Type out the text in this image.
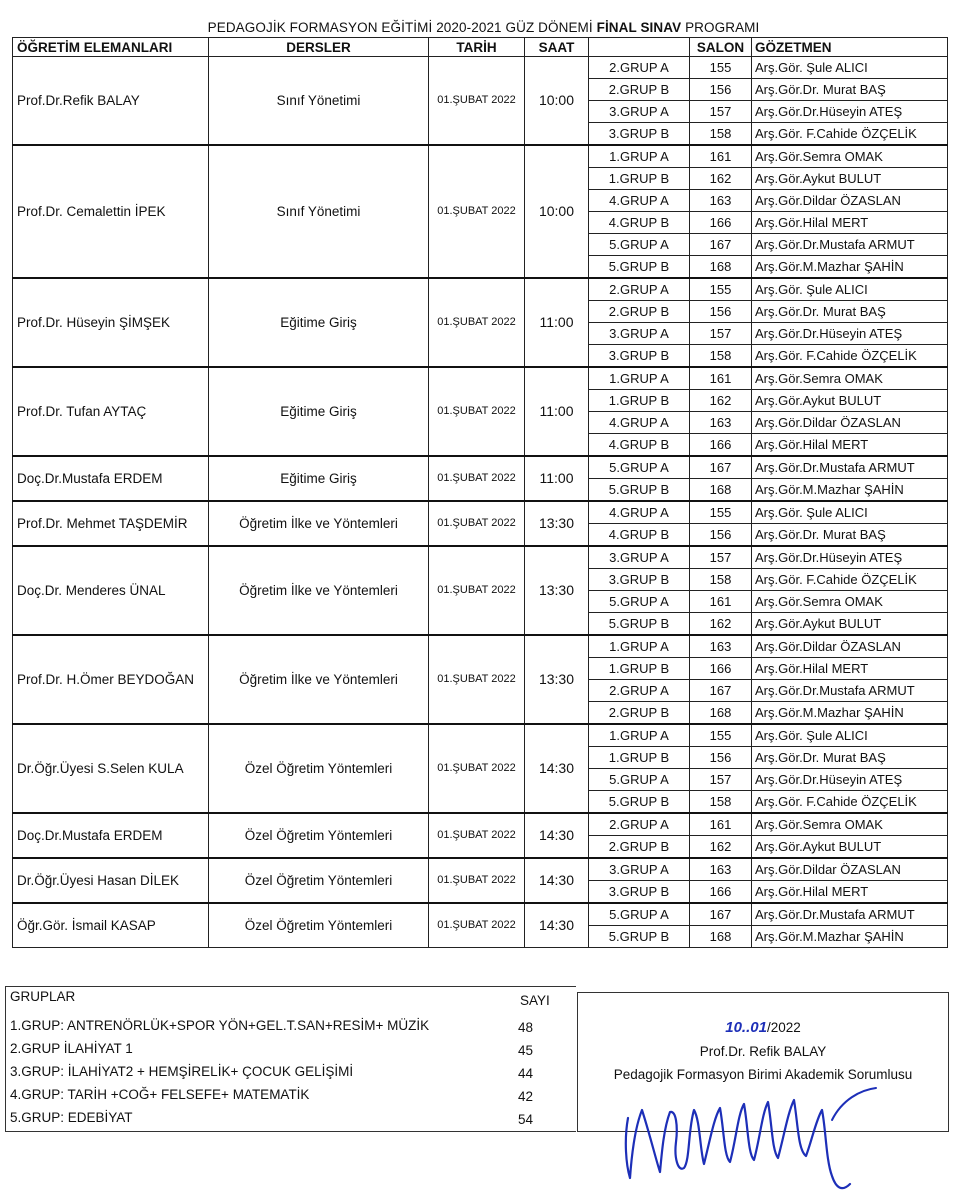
PEDAGOJİK FORMASYON EĞİTİMİ 2020-2021 GÜZ DÖNEMİ FİNAL SINAV PROGRAMI
ÖĞRETİM ELEMANLARI	DERSLER	TARİH	SAAT		SALON	GÖZETMEN
Prof.Dr.Refik BALAY	Sınıf Yönetimi	01.ŞUBAT 2022	10:00	2.GRUP A	155	Arş.Gör. Şule ALICI
				2.GRUP B	156	Arş.Gör.Dr. Murat BAŞ
				3.GRUP A	157	Arş.Gör.Dr.Hüseyin ATEŞ
				3.GRUP B	158	Arş.Gör. F.Cahide ÖZÇELİK
Prof.Dr. Cemalettin İPEK	Sınıf Yönetimi	01.ŞUBAT 2022	10:00	1.GRUP A	161	Arş.Gör.Semra OMAK
				1.GRUP B	162	Arş.Gör.Aykut BULUT
				4.GRUP A	163	Arş.Gör.Dildar ÖZASLAN
				4.GRUP B	166	Arş.Gör.Hilal MERT
				5.GRUP A	167	Arş.Gör.Dr.Mustafa ARMUT
				5.GRUP B	168	Arş.Gör.M.Mazhar ŞAHİN
Prof.Dr. Hüseyin ŞİMŞEK	Eğitime Giriş	01.ŞUBAT 2022	11:00	2.GRUP A	155	Arş.Gör. Şule ALICI
				2.GRUP B	156	Arş.Gör.Dr. Murat BAŞ
				3.GRUP A	157	Arş.Gör.Dr.Hüseyin ATEŞ
				3.GRUP B	158	Arş.Gör. F.Cahide ÖZÇELİK
Prof.Dr. Tufan AYTAÇ	Eğitime Giriş	01.ŞUBAT 2022	11:00	1.GRUP A	161	Arş.Gör.Semra OMAK
				1.GRUP B	162	Arş.Gör.Aykut BULUT
				4.GRUP A	163	Arş.Gör.Dildar ÖZASLAN
				4.GRUP B	166	Arş.Gör.Hilal MERT
Doç.Dr.Mustafa ERDEM	Eğitime Giriş	01.ŞUBAT 2022	11:00	5.GRUP A	167	Arş.Gör.Dr.Mustafa ARMUT
				5.GRUP B	168	Arş.Gör.M.Mazhar ŞAHİN
Prof.Dr. Mehmet TAŞDEMİR	Öğretim İlke ve Yöntemleri	01.ŞUBAT 2022	13:30	4.GRUP A	155	Arş.Gör. Şule ALICI
				4.GRUP B	156	Arş.Gör.Dr. Murat BAŞ
Doç.Dr. Menderes ÜNAL	Öğretim İlke ve Yöntemleri	01.ŞUBAT 2022	13:30	3.GRUP A	157	Arş.Gör.Dr.Hüseyin ATEŞ
				3.GRUP B	158	Arş.Gör. F.Cahide ÖZÇELİK
				5.GRUP A	161	Arş.Gör.Semra OMAK
				5.GRUP B	162	Arş.Gör.Aykut BULUT
Prof.Dr. H.Ömer BEYDOĞAN	Öğretim İlke ve Yöntemleri	01.ŞUBAT 2022	13:30	1.GRUP A	163	Arş.Gör.Dildar ÖZASLAN
				1.GRUP B	166	Arş.Gör.Hilal MERT
				2.GRUP A	167	Arş.Gör.Dr.Mustafa ARMUT
				2.GRUP B	168	Arş.Gör.M.Mazhar ŞAHİN
Dr.Öğr.Üyesi S.Selen KULA	Özel Öğretim Yöntemleri	01.ŞUBAT 2022	14:30	1.GRUP A	155	Arş.Gör. Şule ALICI
				1.GRUP B	156	Arş.Gör.Dr. Murat BAŞ
				5.GRUP A	157	Arş.Gör.Dr.Hüseyin ATEŞ
				5.GRUP B	158	Arş.Gör. F.Cahide ÖZÇELİK
Doç.Dr.Mustafa ERDEM	Özel Öğretim Yöntemleri	01.ŞUBAT 2022	14:30	2.GRUP A	161	Arş.Gör.Semra OMAK
				2.GRUP B	162	Arş.Gör.Aykut BULUT
Dr.Öğr.Üyesi Hasan DİLEK	Özel Öğretim Yöntemleri	01.ŞUBAT 2022	14:30	3.GRUP A	163	Arş.Gör.Dildar ÖZASLAN
				3.GRUP B	166	Arş.Gör.Hilal MERT
Öğr.Gör. İsmail KASAP	Özel Öğretim Yöntemleri	01.ŞUBAT 2022	14:30	5.GRUP A	167	Arş.Gör.Dr.Mustafa ARMUT
				5.GRUP B	168	Arş.Gör.M.Mazhar ŞAHİN
GRUPLAR	SAYI
1.GRUP: ANTRENÖRLÜK+SPOR YÖN+GEL.T.SAN+RESİM+ MÜZİK	48
2.GRUP İLAHİYAT 1	45
3.GRUP: İLAHİYAT2 + HEMŞİRELİK+ ÇOCUK GELİŞİMİ	44
4.GRUP: TARİH +COĞ+ FELSEFE+ MATEMATİK	42
5.GRUP: EDEBİYAT	54
10..01/2022
Prof.Dr. Refik BALAY
Pedagojik Formasyon Birimi Akademik Sorumlusu
